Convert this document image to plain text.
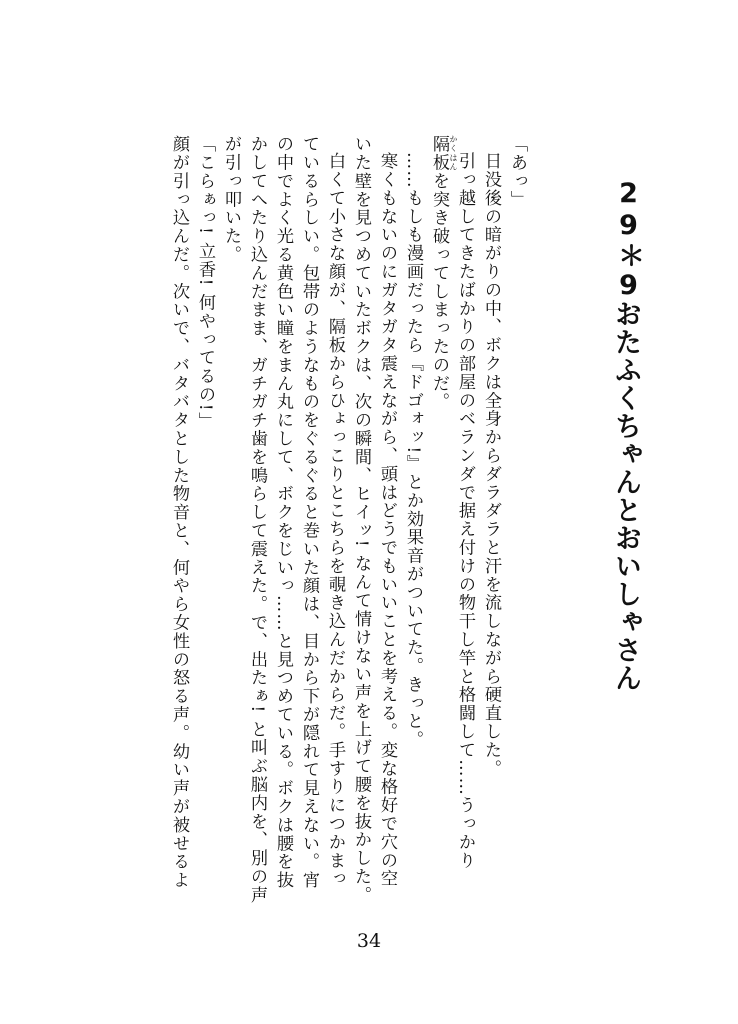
29＊9
おたふくちゃんとおいしゃさん

「あっ」

日没後の暗がりの中、ボクは全身からダラダラと汗を流しながら硬直した。

引っ越してきたばかりの部屋のベランダで据え付けの物干し竿と格闘して……うっかり

隔板 かくはん
を突き破ってしまったのだ。

……もしも漫画だったら『ドゴォッ!』とか効果音がついてた。きっと。

寒くもないのにガタガタ震えながら、頭はどうでもいいことを考える。変な格好で穴の空いた壁を見つめていたボクは、次の瞬間、ヒイッ! なんて情けない声を上げて腰を抜かした。

白くて小さな顔が、隔板からひょっこりとこちらを覗き込んだからだ。手すりにつかまっているらしい。包帯のようなものをぐるぐると巻いた顔は、目から下が隠れて見えない。宵の中でよく光る黄色い瞳をまん丸にして、ボクをじいっ……と見つめている。ボクは腰を抜かしてへたり込んだまま、ガチガチ歯を鳴らして震えた。で、出たぁ! と叫ぶ脳内を、別の声が引っ叩いた。

「こらぁっ! 立香! 何やってるの!」

顔が引っ込んだ。次いで、バタバタとした物音と、何やら女性の怒る声。幼い声が被せるよ

34
